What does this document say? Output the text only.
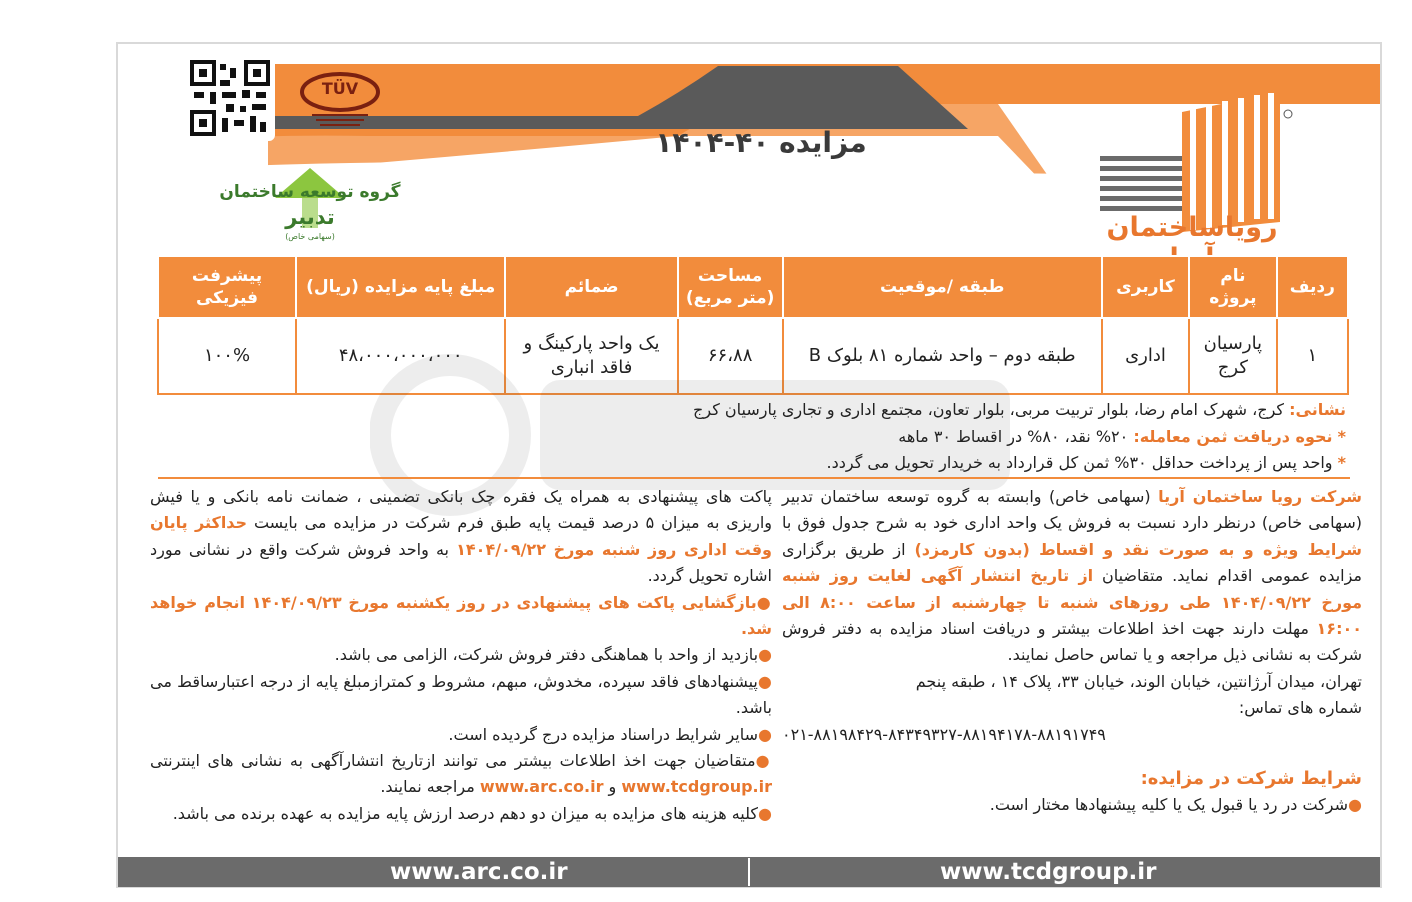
TÜV
مزایده ۴۰-۱۴۰۴
رویاساختمان
گروه توسعه ساختمان
تدبیر
(سهامی خاص)
ردیف	نام پروژه	کاربری	طبقه /موقعیت	مساحت (متر مربع)	ضمائم	مبلغ پایه مزایده (ریال)	پیشرفت فیزیکی
۱	پارسیان کرج	اداری	طبقه دوم – واحد شماره ۸۱ بلوک B	۶۶،۸۸	یک واحد پارکینگ و فاقد انباری	۴۸،۰۰۰،۰۰۰،۰۰۰	۱۰۰%
نشانی: کرج، شهرک امام رضا، بلوار تربیت مربی، بلوار تعاون، مجتمع اداری و تجاری پارسیان کرج
* نحوه دریافت ثمن معامله: ۲۰% نقد، ۸۰% در اقساط ۳۰ ماهه
* واحد پس از پرداخت حداقل ۳۰% ثمن کل قرارداد به خریدار تحویل می گردد.

شرکت رویا ساختمان آریا (سهامی خاص) وابسته به گروه توسعه ساختمان تدبیر (سهامی خاص) درنظر دارد نسبت به فروش یک واحد اداری خود به شرح جدول فوق با شرایط ویژه و به صورت نقد و اقساط (بدون کارمزد) از طریق برگزاری مزایده عمومی اقدام نماید. متقاضیان از تاریخ انتشار آگهی لغایت روز شنبه مورخ ۱۴۰۴/۰۹/۲۲ طی روزهای شنبه تا چهارشنبه از ساعت ۸:۰۰ الی ۱۶:۰۰ مهلت دارند جهت اخذ اطلاعات بیشتر و دریافت اسناد مزایده به دفتر فروش شرکت به نشانی ذیل مراجعه و یا تماس حاصل نمایند.

تهران، میدان آرژانتین، خیابان الوند، خیابان ۳۳، پلاک ۱۴ ، طبقه پنجم

شماره های تماس:

۰۲۱-۸۸۱۹۸۴۲۹-۸۴۳۴۹۳۲۷-۸۸۱۹۴۱۷۸-۸۸۱۹۱۷۴۹

شرایط شرکت در مزایده:

●شرکت در رد یا قبول یک یا کلیه پیشنهادها مختار است.

پاکت های پیشنهادی به همراه یک فقره چک بانکی تضمینی ، ضمانت نامه بانکی و یا فیش واریزی به میزان ۵ درصد قیمت پایه طبق فرم شرکت در مزایده می بایست حداکثر پایان وقت اداری روز شنبه مورخ ۱۴۰۴/۰۹/۲۲ به واحد فروش شرکت واقع در نشانی مورد اشاره تحویل گردد.

●بازگشایی پاکت های پیشنهادی در روز یکشنبه مورخ ۱۴۰۴/۰۹/۲۳ انجام خواهد شد.

●بازدید از واحد با هماهنگی دفتر فروش شرکت، الزامی می باشد.

●پیشنهادهای فاقد سپرده، مخدوش، مبهم، مشروط و کمترازمبلغ پایه از درجه اعتبارساقط می باشد.

●سایر شرایط دراسناد مزایده درج گردیده است.

●متقاضیان جهت اخذ اطلاعات بیشتر می توانند ازتاریخ انتشارآگهی به نشانی های اینترنتی www.tcdgroup.ir و www.arc.co.ir مراجعه نمایند.

●کلیه هزینه های مزایده به میزان دو دهم درصد ارزش پایه مزایده به عهده برنده می باشد.

www.arc.co.ir	www.tcdgroup.ir
